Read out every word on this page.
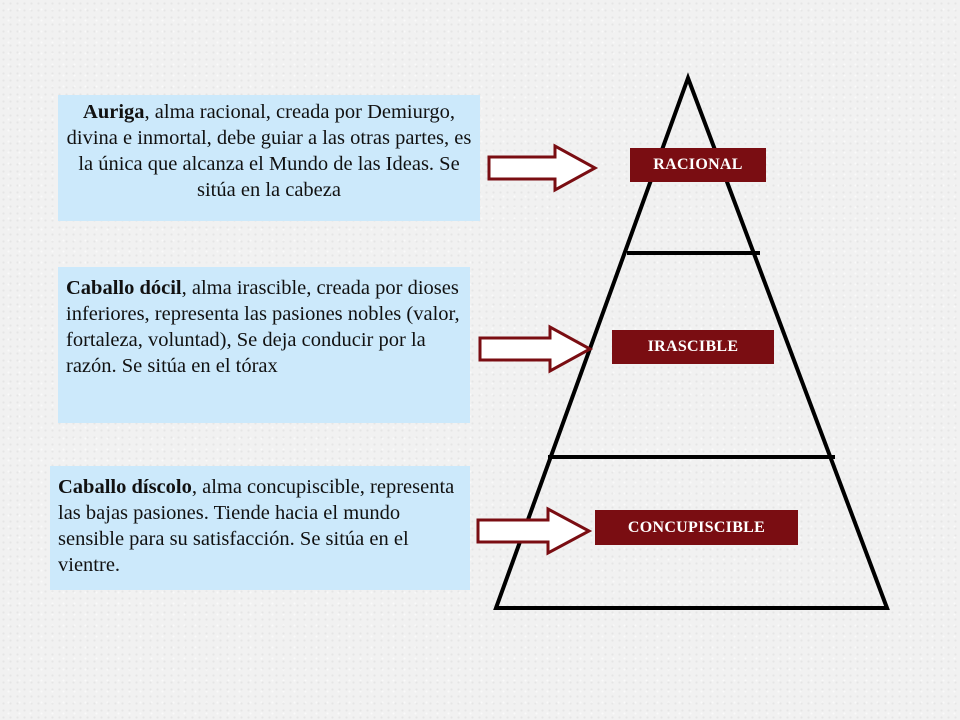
Auriga, alma racional, creada por Demiurgo, divina e inmortal, debe guiar a las otras partes, es la única que alcanza el Mundo de las Ideas. Se sitúa en la cabeza
Caballo dócil, alma irascible, creada por dioses inferiores, representa las pasiones nobles (valor, fortaleza, voluntad), Se deja conducir por la razón. Se sitúa en el tórax
Caballo díscolo, alma concupiscible, representa las bajas pasiones. Tiende hacia el mundo sensible para su satisfacción. Se sitúa en el vientre.
RACIONAL
IRASCIBLE
CONCUPISCIBLE
